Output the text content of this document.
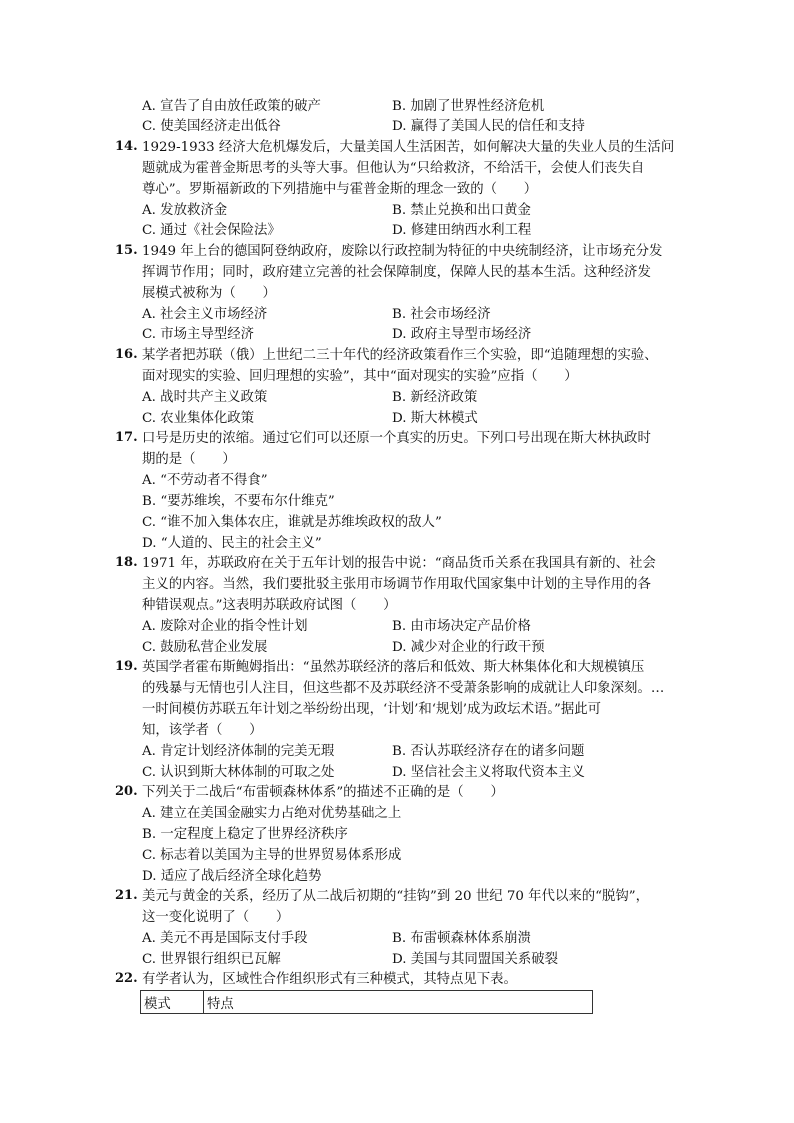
A. 宣告了自由放任政策的破产	B. 加剧了世界性经济危机
C. 使美国经济走出低谷	D. 赢得了美国人民的信任和支持
14. 1929-1933 经济大危机爆发后，大量美国人生活困苦，如何解决大量的失业人员的生活问
题就成为霍普金斯思考的头等大事。但他认为“只给救济，不给活干，会使人们丧失自
尊心”。罗斯福新政的下列措施中与霍普金斯的理念一致的（　　）
A. 发放救济金	B. 禁止兑换和出口黄金
C. 通过《社会保险法》	D. 修建田纳西水利工程
15. 1949 年上台的德国阿登纳政府，废除以行政控制为特征的中央统制经济，让市场充分发
挥调节作用；同时，政府建立完善的社会保障制度，保障人民的基本生活。这种经济发
展模式被称为（　　）
A. 社会主义市场经济	B. 社会市场经济
C. 市场主导型经济	D. 政府主导型市场经济
16. 某学者把苏联（俄）上世纪二三十年代的经济政策看作三个实验，即“追随理想的实验、
面对现实的实验、回归理想的实验”，其中“面对现实的实验”应指（　　）
A. 战时共产主义政策	B. 新经济政策
C. 农业集体化政策	D. 斯大林模式
17. 口号是历史的浓缩。通过它们可以还原一个真实的历史。下列口号出现在斯大林执政时
期的是（　　）
A. “不劳动者不得食”
B. “要苏维埃，不要布尔什维克”
C. “谁不加入集体农庄，谁就是苏维埃政权的敌人”
D. “人道的、民主的社会主义”
18. 1971 年，苏联政府在关于五年计划的报告中说：“商品货币关系在我国具有新的、社会
主义的内容。当然，我们要批驳主张用市场调节作用取代国家集中计划的主导作用的各
种错误观点。”这表明苏联政府试图（　　）
A. 废除对企业的指令性计划	B. 由市场决定产品价格
C. 鼓励私营企业发展	D. 减少对企业的行政干预
19. 英国学者霍布斯鲍姆指出：“虽然苏联经济的落后和低效、斯大林集体化和大规模镇压
的残暴与无情也引人注目，但这些都不及苏联经济不受萧条影响的成就让人印象深刻。…
一时间模仿苏联五年计划之举纷纷出现，‘计划’和‘规划’成为政坛术语。”据此可
知，该学者（　　）
A. 肯定计划经济体制的完美无瑕	B. 否认苏联经济存在的诸多问题
C. 认识到斯大林体制的可取之处	D. 坚信社会主义将取代资本主义
20. 下列关于二战后“布雷顿森林体系”的描述不正确的是（　　）
A. 建立在美国金融实力占绝对优势基础之上
B. 一定程度上稳定了世界经济秩序
C. 标志着以美国为主导的世界贸易体系形成
D. 适应了战后经济全球化趋势
21. 美元与黄金的关系，经历了从二战后初期的“挂钩”到 20 世纪 70 年代以来的“脱钩”，
这一变化说明了（　　）
A. 美元不再是国际支付手段	B. 布雷顿森林体系崩溃
C. 世界银行组织已瓦解	D. 美国与其同盟国关系破裂
22. 有学者认为，区域性合作组织形式有三种模式，其特点见下表。
模式	特点
